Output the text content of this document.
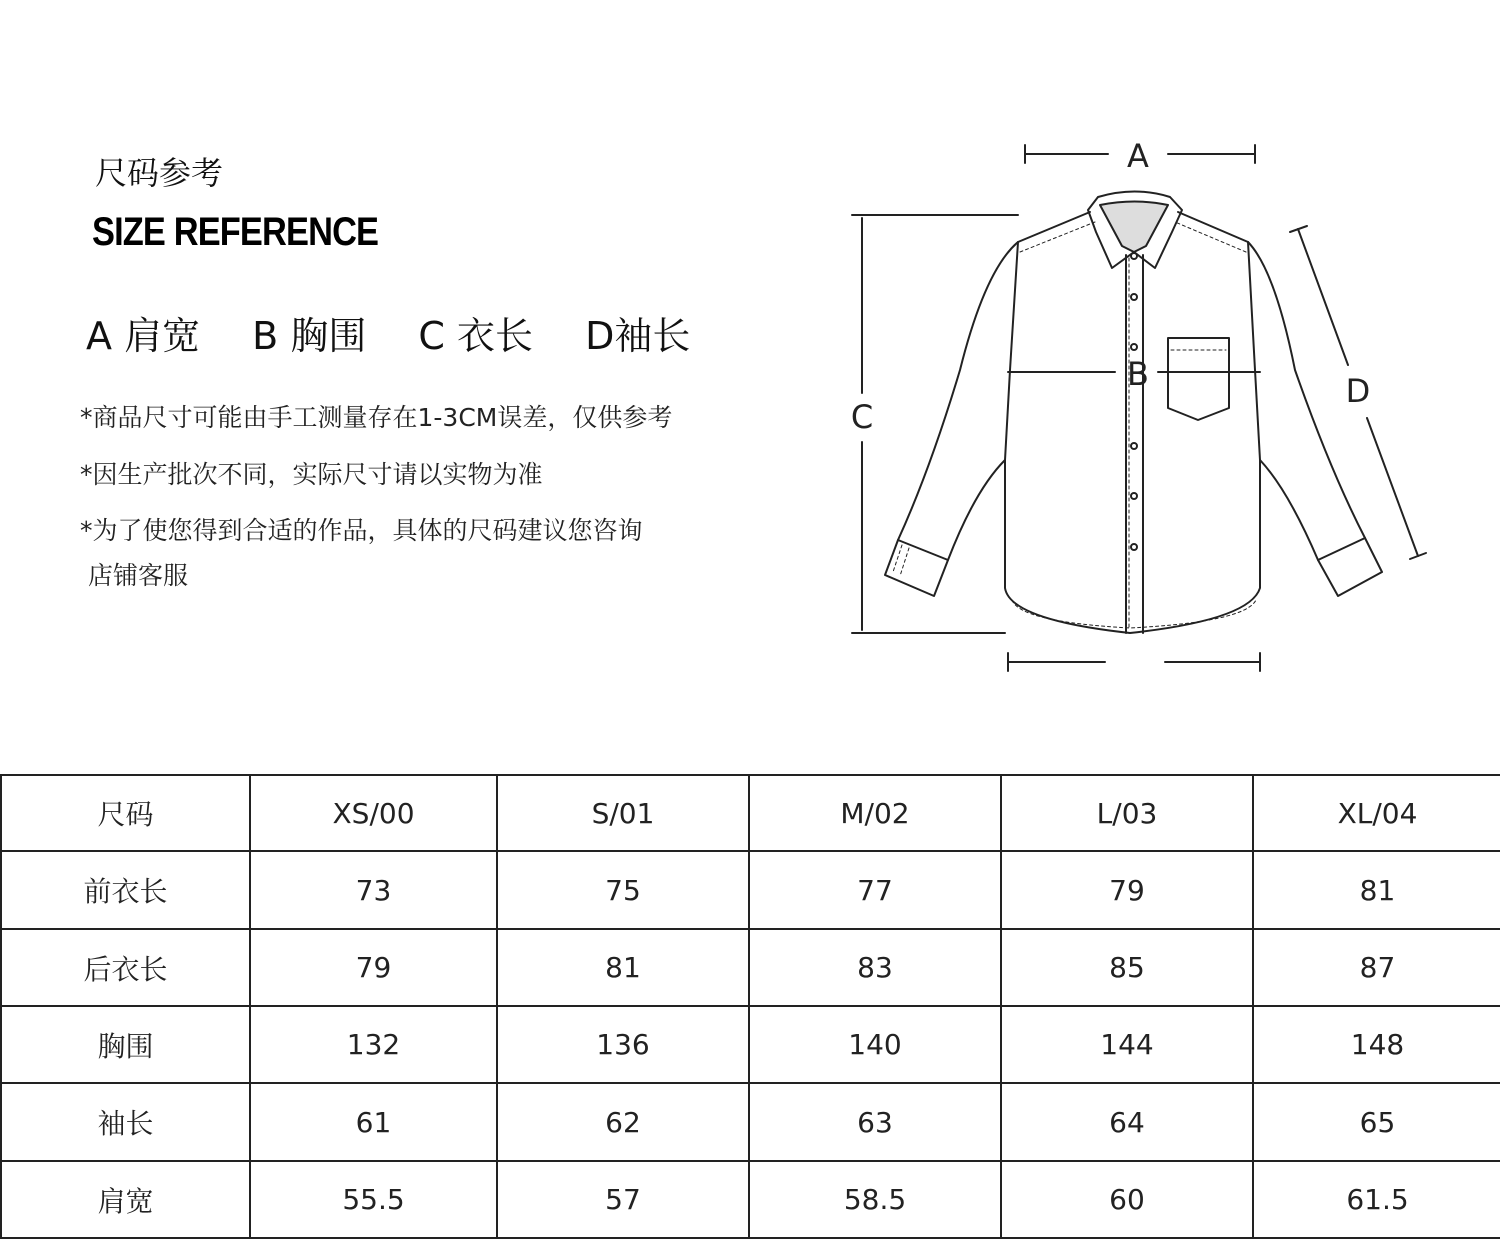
尺码参考
SIZE REFERENCE
A 肩宽 B 胸围 C 衣长 D袖长
*商品尺寸可能由手工测量存在1-3CM误差，仅供参考
*因生产批次不同，实际尺寸请以实物为准
*为了使您得到合适的作品，具体的尺码建议您咨询
店铺客服
A
B
C
D
尺码	XS/00	S/01	M/02	L/03	XL/04
前衣长	73	75	77	79	81
后衣长	79	81	83	85	87
胸围	132	136	140	144	148
袖长	61	62	63	64	65
肩宽	55.5	57	58.5	60	61.5
